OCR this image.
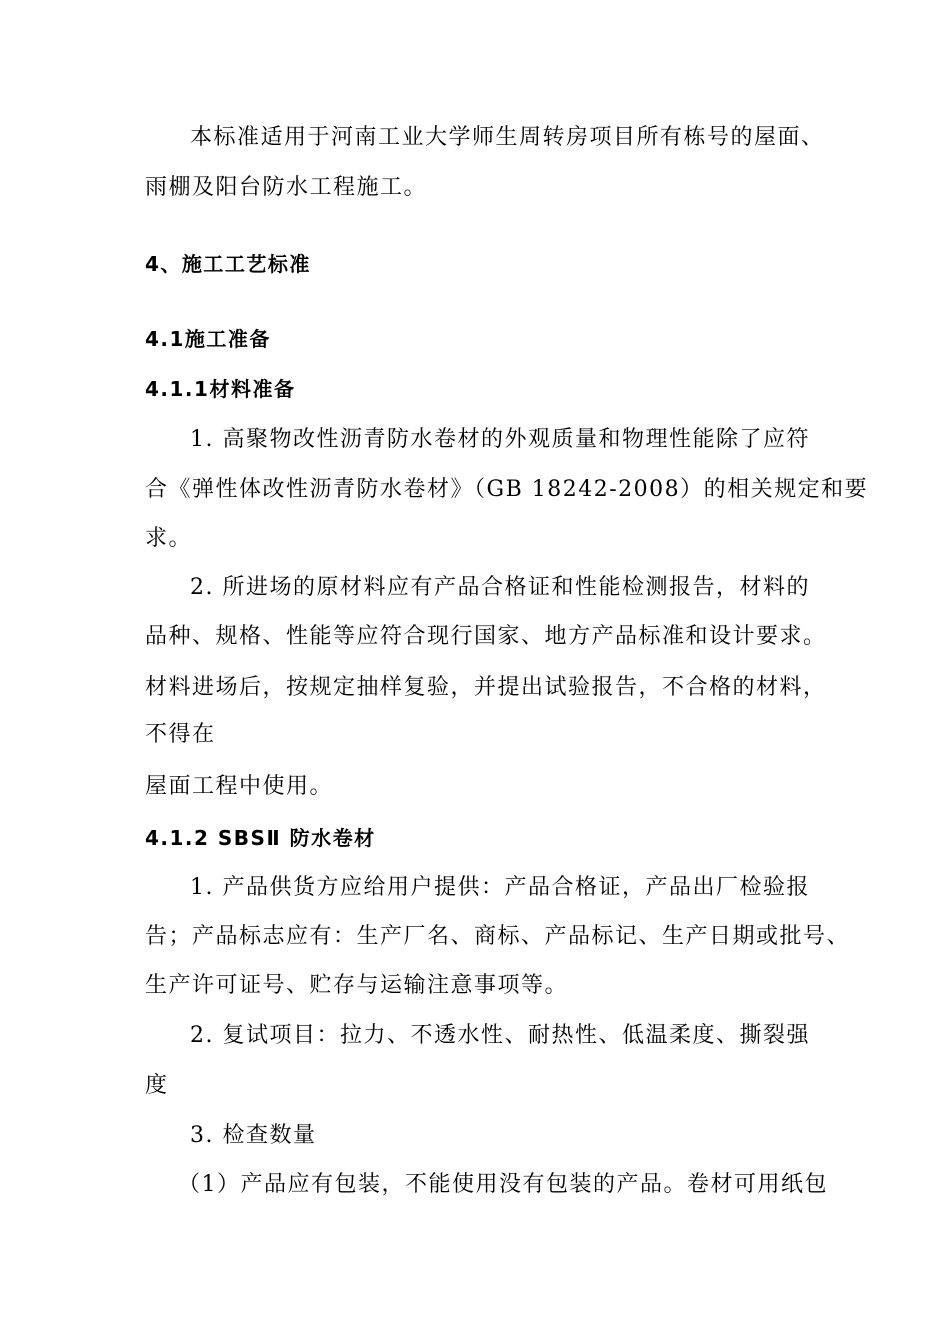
本标准适用于河南工业大学师生周转房项目所有栋号的屋面、
雨棚及阳台防水工程施工。
4、施工工艺标准
4.1施工准备
4.1.1材料准备
1. 高聚物改性沥青防水卷材的外观质量和物理性能除了应符
合《弹性体改性沥青防水卷材》（GB 18242-2008）的相关规定和要
求。
2. 所进场的原材料应有产品合格证和性能检测报告，材料的
品种、规格、性能等应符合现行国家、地方产品标准和设计要求。
材料进场后，按规定抽样复验，并提出试验报告，不合格的材料，
不得在
屋面工程中使用。
4.1.2 SBSⅡ 防水卷材
1. 产品供货方应给用户提供：产品合格证，产品出厂检验报
告；产品标志应有：生产厂名、商标、产品标记、生产日期或批号、
生产许可证号、贮存与运输注意事项等。
2. 复试项目：拉力、不透水性、耐热性、低温柔度、撕裂强
度
3. 检查数量
（1）产品应有包装，不能使用没有包装的产品。卷材可用纸包
